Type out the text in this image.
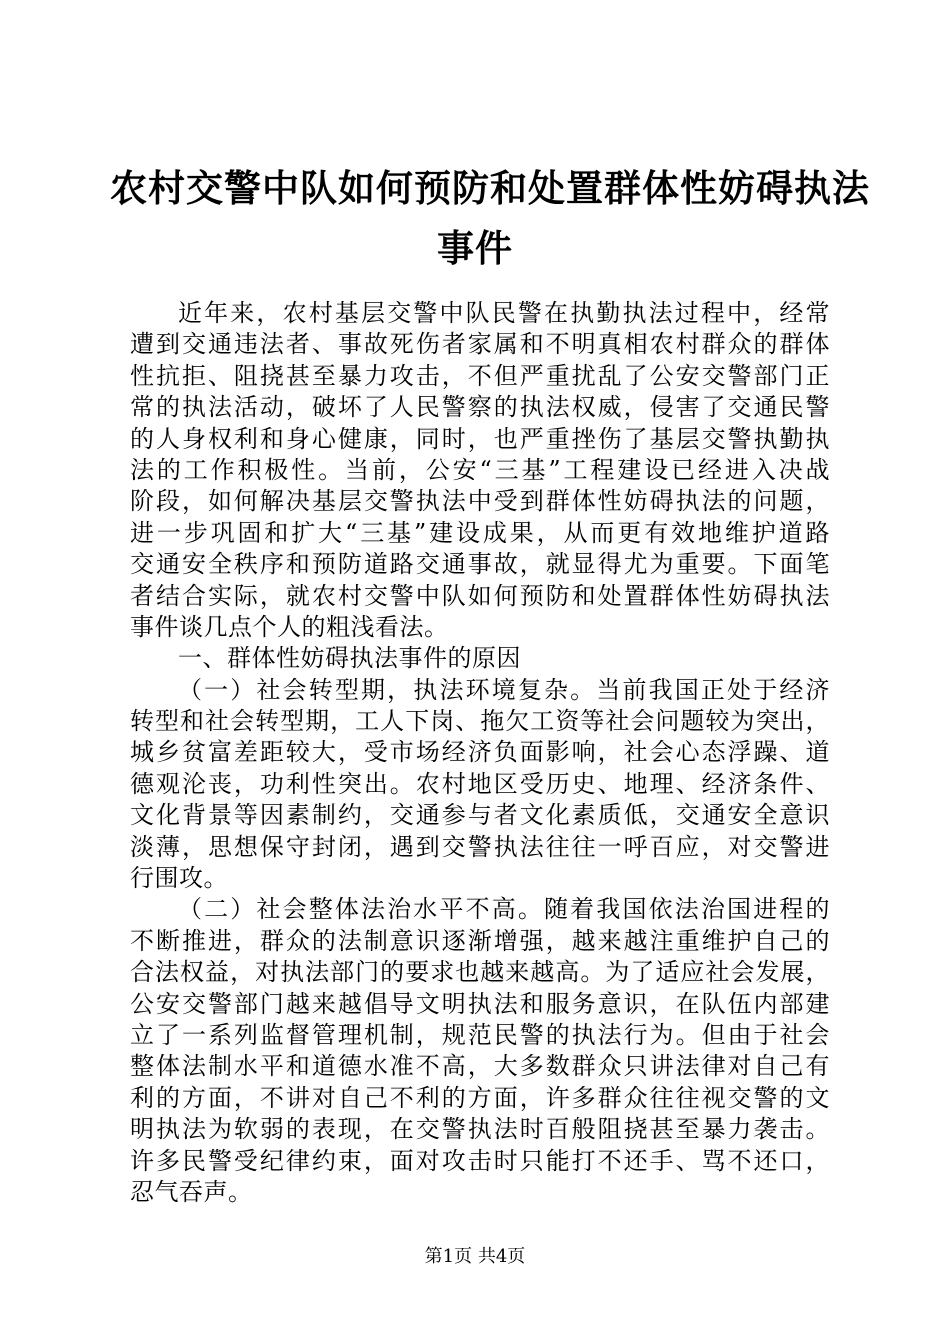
农村交警中队如何预防和处置群体性妨碍执法
事件
近年来，农村基层交警中队民警在执勤执法过程中，经常
遭到交通违法者、事故死伤者家属和不明真相农村群众的群体
性抗拒、阻挠甚至暴力攻击，不但严重扰乱了公安交警部门正
常的执法活动，破坏了人民警察的执法权威，侵害了交通民警
的人身权利和身心健康，同时，也严重挫伤了基层交警执勤执
法的工作积极性。当前，公安“三基”工程建设已经进入决战
阶段，如何解决基层交警执法中受到群体性妨碍执法的问题，
进一步巩固和扩大“三基”建设成果，从而更有效地维护道路
交通安全秩序和预防道路交通事故，就显得尤为重要。下面笔
者结合实际，就农村交警中队如何预防和处置群体性妨碍执法
事件谈几点个人的粗浅看法。
一、群体性妨碍执法事件的原因
（一）社会转型期，执法环境复杂。当前我国正处于经济
转型和社会转型期，工人下岗、拖欠工资等社会问题较为突出，
城乡贫富差距较大，受市场经济负面影响，社会心态浮躁、道
德观沦丧，功利性突出。农村地区受历史、地理、经济条件、
文化背景等因素制约，交通参与者文化素质低，交通安全意识
淡薄，思想保守封闭，遇到交警执法往往一呼百应，对交警进
行围攻。
（二）社会整体法治水平不高。随着我国依法治国进程的
不断推进，群众的法制意识逐渐增强，越来越注重维护自己的
合法权益，对执法部门的要求也越来越高。为了适应社会发展，
公安交警部门越来越倡导文明执法和服务意识，在队伍内部建
立了一系列监督管理机制，规范民警的执法行为。但由于社会
整体法制水平和道德水准不高，大多数群众只讲法律对自己有
利的方面，不讲对自己不利的方面，许多群众往往视交警的文
明执法为软弱的表现，在交警执法时百般阻挠甚至暴力袭击。
许多民警受纪律约束，面对攻击时只能打不还手、骂不还口，
忍气吞声。
第1页 共4页
